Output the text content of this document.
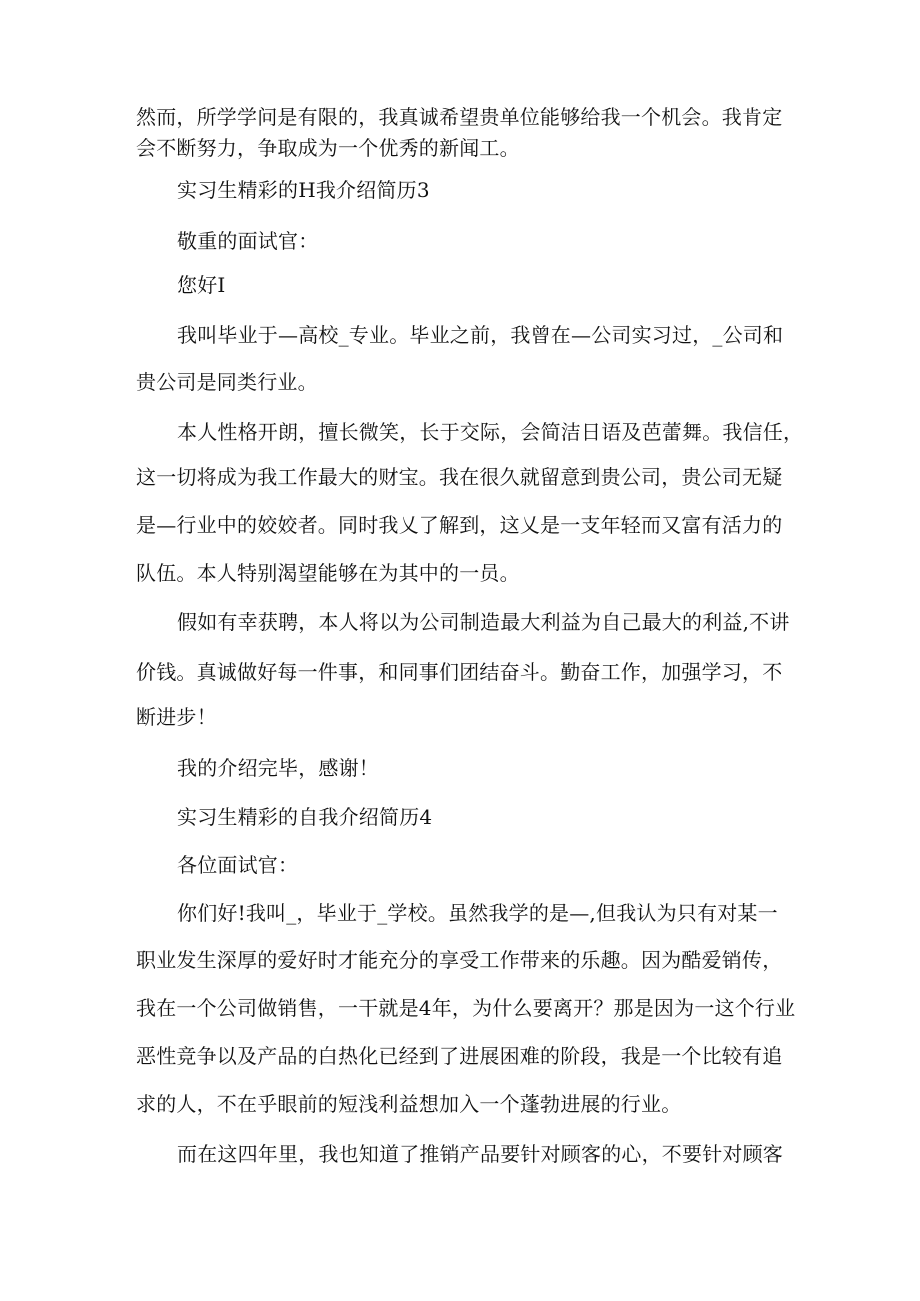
然而，所学学问是有限的，我真诚希望贵单位能够给我一个机会。我肯定
会不断努力，争取成为一个优秀的新闻工。
实习生精彩的H我介绍简历3
敬重的面试官：
您好I
我叫毕业于—高校_专业。毕业之前，我曾在—公司实习过，_公司和
贵公司是同类行业。
本人性格开朗，擅长微笑，长于交际，会简洁日语及芭蕾舞。我信任，
这一切将成为我工作最大的财宝。我在很久就留意到贵公司，贵公司无疑
是—行业中的姣姣者。同时我乂了解到，这乂是一支年轻而又富有活力的
队伍。本人特别渴望能够在为其中的一员。
假如有幸获聘，本人将以为公司制造最大利益为自己最大的利益,不讲
价钱。真诚做好每一件事，和同事们团结奋斗。勤奋工作，加强学习，不
断进步！
我的介绍完毕，感谢！
实习生精彩的自我介绍简历4
各位面试官：
你们好!我叫_，毕业于_学校。虽然我学的是—,但我认为只有对某一
职业发生深厚的爱好时才能充分的享受工作带来的乐趣。因为酷爱销传，
我在一个公司做销售，一干就是4年，为什么要离开？那是因为一这个行业
恶性竞争以及产品的白热化已经到了进展困难的阶段，我是一个比较有追
求的人，不在乎眼前的短浅利益想加入一个蓬勃进展的行业。
而在这四年里，我也知道了推销产品要针对顾客的心，不要针对顾客
